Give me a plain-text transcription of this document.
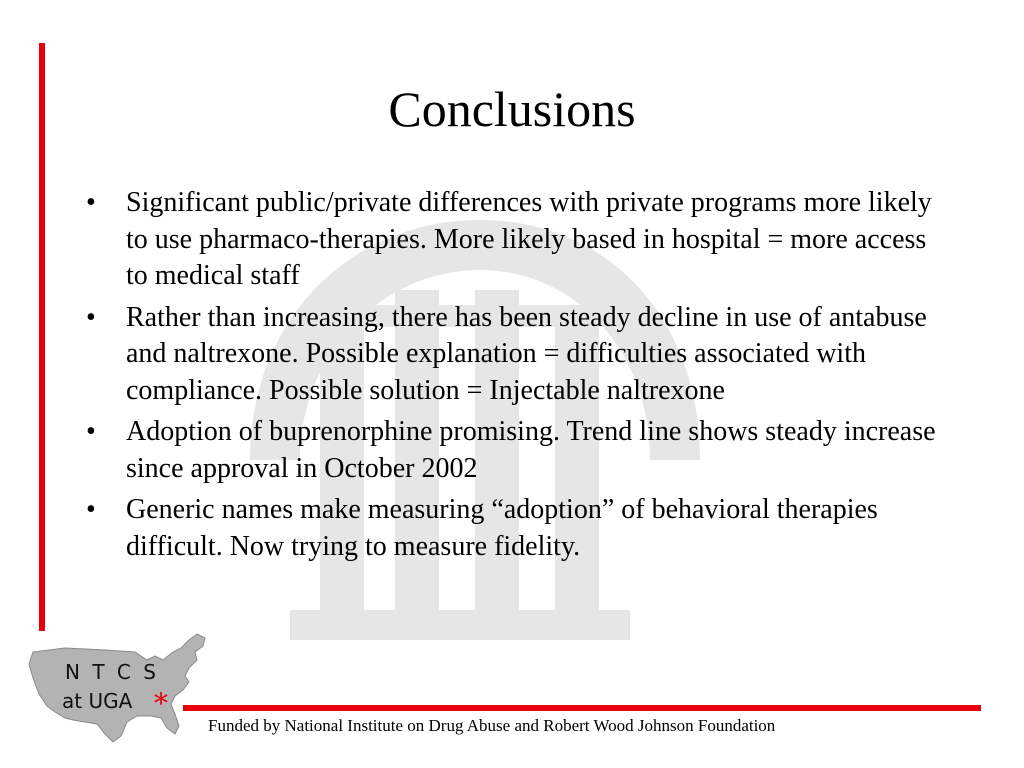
Conclusions
• Significant public/private differences with private programs more likely to use pharmaco-therapies. More likely based in hospital = more access to medical staff
• Rather than increasing, there has been steady decline in use of antabuse and naltrexone. Possible explanation = difficulties associated with compliance. Possible solution = Injectable naltrexone
• Adoption of buprenorphine promising. Trend line shows steady increase since approval in October 2002
• Generic names make measuring “adoption” of behavioral therapies difficult. Now trying to measure fidelity.
N T C S
at UGA *
Funded by National Institute on Drug Abuse and Robert Wood Johnson Foundation
